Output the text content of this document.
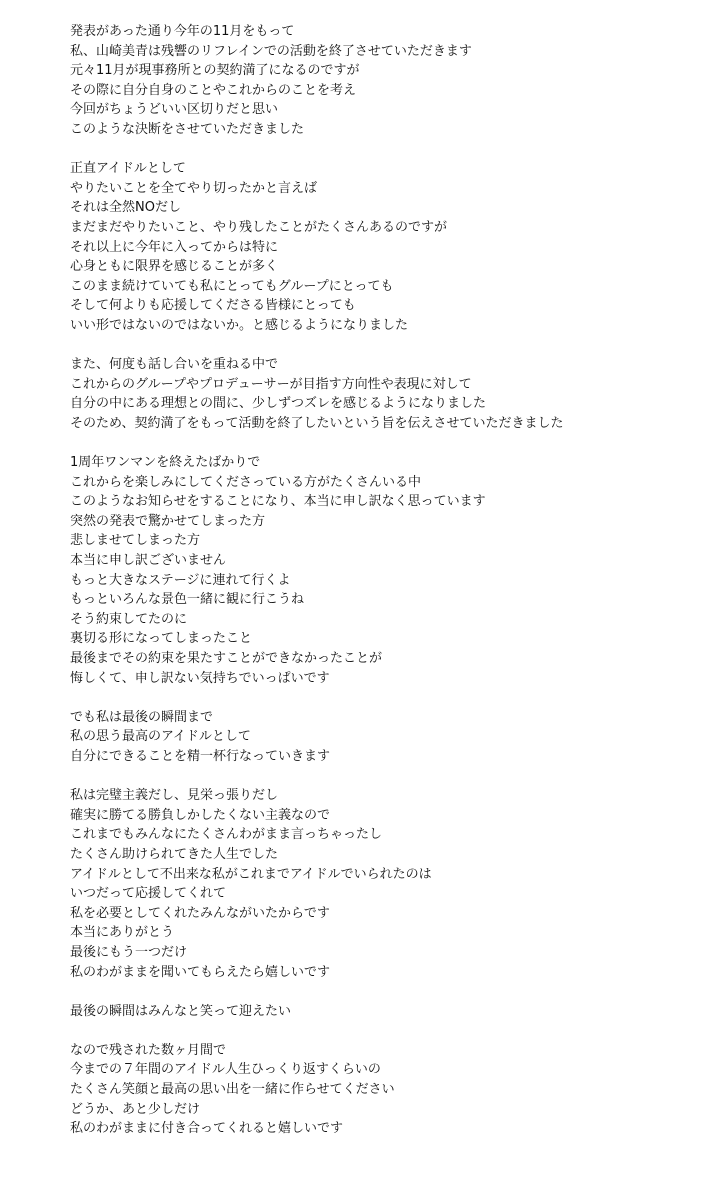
発表があった通り今年の11月をもって
私、山崎美青は残響のリフレインでの活動を終了させていただきます
元々11月が現事務所との契約満了になるのですが
その際に自分自身のことやこれからのことを考え
今回がちょうどいい区切りだと思い
このような決断をさせていただきました
正直アイドルとして
やりたいことを全てやり切ったかと言えば
それは全然NOだし
まだまだやりたいこと、やり残したことがたくさんあるのですが
それ以上に今年に入ってからは特に
心身ともに限界を感じることが多く
このまま続けていても私にとってもグループにとっても
そして何よりも応援してくださる皆様にとっても
いい形ではないのではないか。と感じるようになりました
また、何度も話し合いを重ねる中で
これからのグループやプロデューサーが目指す方向性や表現に対して
自分の中にある理想との間に、少しずつズレを感じるようになりました
そのため、契約満了をもって活動を終了したいという旨を伝えさせていただきました
1周年ワンマンを終えたばかりで
これからを楽しみにしてくださっている方がたくさんいる中
このようなお知らせをすることになり、本当に申し訳なく思っています
突然の発表で驚かせてしまった方
悲しませてしまった方
本当に申し訳ございません
もっと大きなステージに連れて行くよ
もっといろんな景色一緒に観に行こうね
そう約束してたのに
裏切る形になってしまったこと
最後までその約束を果たすことができなかったことが
悔しくて、申し訳ない気持ちでいっぱいです
でも私は最後の瞬間まで
私の思う最高のアイドルとして
自分にできることを精一杯行なっていきます
私は完璧主義だし、見栄っ張りだし
確実に勝てる勝負しかしたくない主義なので
これまでもみんなにたくさんわがまま言っちゃったし
たくさん助けられてきた人生でした
アイドルとして不出来な私がこれまでアイドルでいられたのは
いつだって応援してくれて
私を必要としてくれたみんながいたからです
本当にありがとう
最後にもう一つだけ
私のわがままを聞いてもらえたら嬉しいです
最後の瞬間はみんなと笑って迎えたい
なので残された数ヶ月間で
今までの７年間のアイドル人生ひっくり返すくらいの
たくさん笑顔と最高の思い出を一緒に作らせてください
どうか、あと少しだけ
私のわがままに付き合ってくれると嬉しいです
